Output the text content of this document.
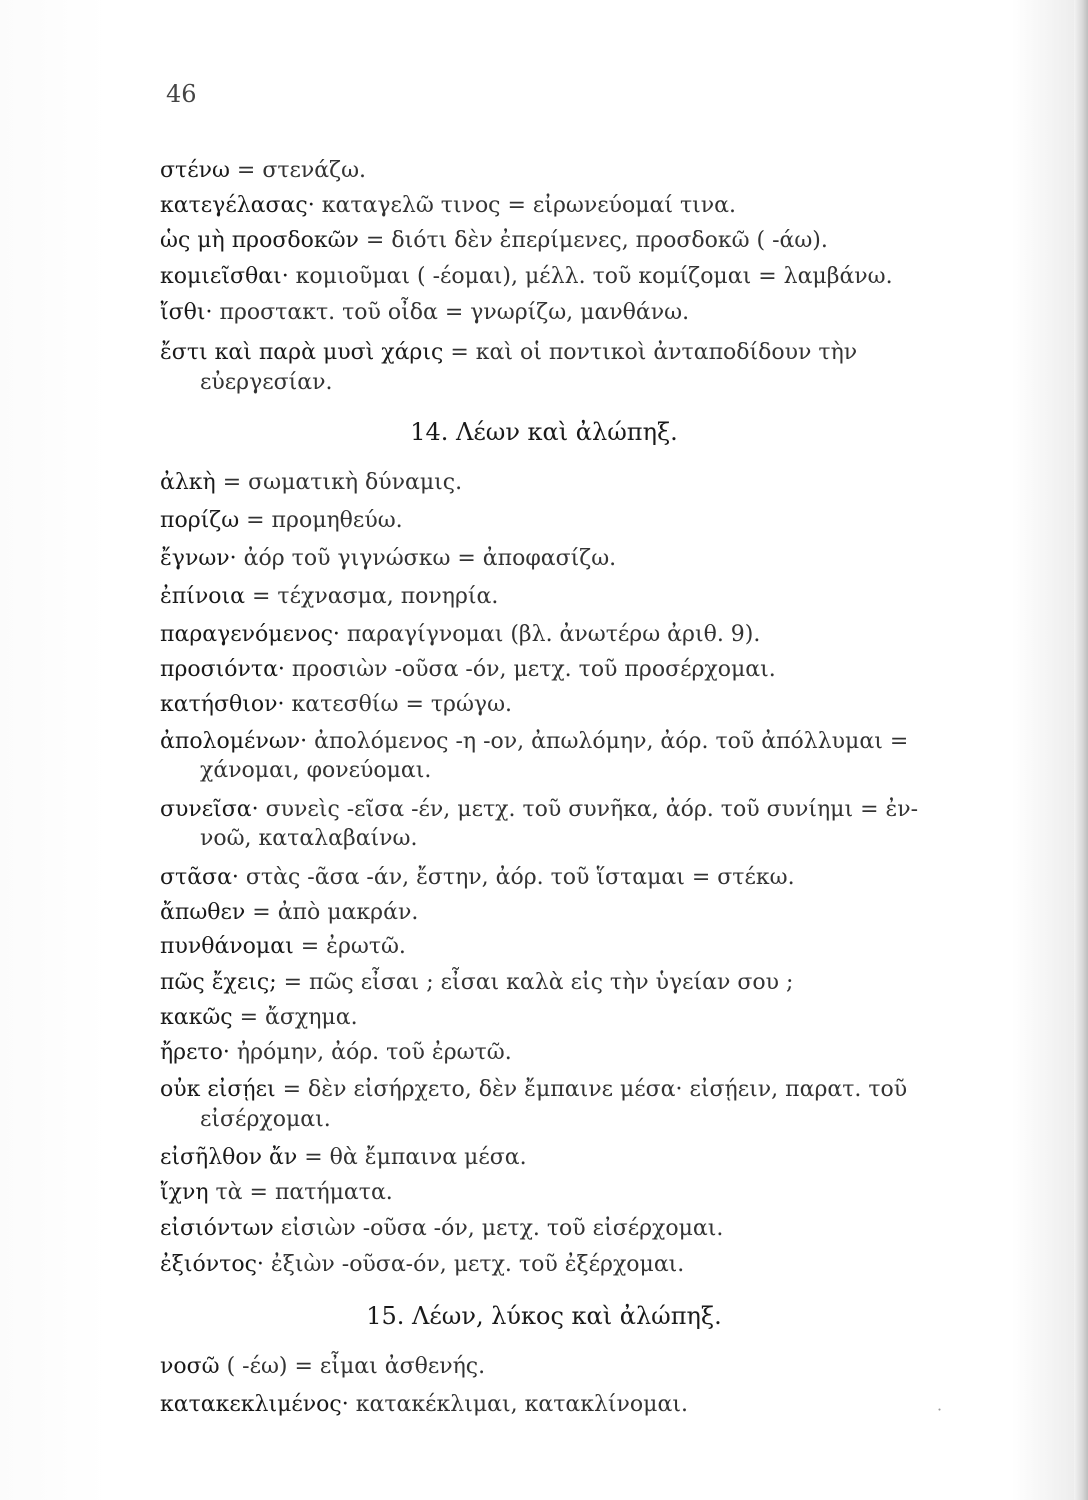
46
στένω = στενάζω.
κατεγέλασας· καταγελῶ τινος = εἰρωνεύομαί τινα.
ὡς μὴ προσδοκῶν = διότι δὲν ἐπερίμενες, προσδοκῶ ( -άω).
κομιεῖσθαι· κομιοῦμαι ( -έομαι), μέλλ. τοῦ κομίζομαι = λαμβάνω.
ἴσθι· προστακτ. τοῦ οἶδα = γνωρίζω, μανθάνω.
ἔστι καὶ παρὰ μυσὶ χάρις = καὶ οἱ ποντικοὶ ἀνταποδίδουν τὴν
εὐεργεσίαν.
14. Λέων καὶ ἀλώπηξ.
ἀλκὴ = σωματικὴ δύναμις.
πορίζω = προμηθεύω.
ἔγνων· ἀόρ τοῦ γιγνώσκω = ἀποφασίζω.
ἐπίνοια = τέχνασμα, πονηρία.
παραγενόμενος· παραγίγνομαι (βλ. ἀνωτέρω ἀριθ. 9).
προσιόντα· προσιὼν -οῦσα -όν, μετχ. τοῦ προσέρχομαι.
κατήσθιον· κατεσθίω = τρώγω.
ἀπολομένων· ἀπολόμενος -η -ον, ἀπωλόμην, ἀόρ. τοῦ ἀπόλλυμαι =
χάνομαι, φονεύομαι.
συνεῖσα· συνεὶς -εῖσα -έν, μετχ. τοῦ συνῆκα, ἀόρ. τοῦ συνίημι = ἐν-
νοῶ, καταλαβαίνω.
στᾶσα· στὰς -ᾶσα -άν, ἔστην, ἀόρ. τοῦ ἵσταμαι = στέκω.
ἄπωθεν = ἀπὸ μακράν.
πυνθάνομαι = ἐρωτῶ.
πῶς ἔχεις; = πῶς εἶσαι ; εἶσαι καλὰ εἰς τὴν ὑγείαν σου ;
κακῶς = ἄσχημα.
ἤρετο· ἠρόμην, ἀόρ. τοῦ ἐρωτῶ.
οὐκ εἰσῄει = δὲν εἰσήρχετο, δὲν ἔμπαινε μέσα· εἰσῄειν, παρατ. τοῦ
εἰσέρχομαι.
εἰσῆλθον ἄν = θὰ ἔμπαινα μέσα.
ἴχνη τὰ = πατήματα.
εἰσιόντων εἰσιὼν -οῦσα -όν, μετχ. τοῦ εἰσέρχομαι.
ἐξιόντος· ἐξιὼν -οῦσα-όν, μετχ. τοῦ ἐξέρχομαι.
15. Λέων, λύκος καὶ ἀλώπηξ.
νοσῶ ( -έω) = εἶμαι ἀσθενής.
κατακεκλιμένος· κατακέκλιμαι, κατακλίνομαι.	˙
